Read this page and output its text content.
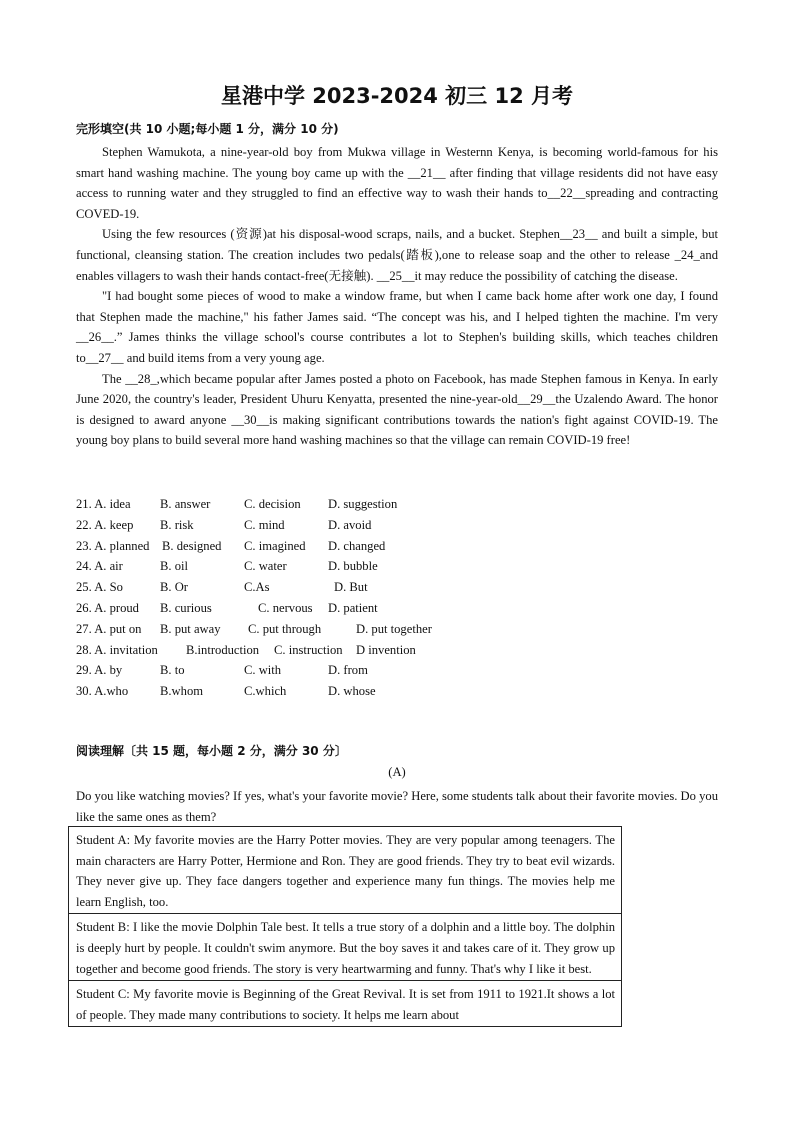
星港中学 2023-2024 初三 12 月考
完形填空(共 10 小题;每小题 1 分，满分 10 分)

Stephen Wamukota, a nine-year-old boy from Mukwa village in Westernn Kenya, is becoming world-famous for his smart hand washing machine. The young boy came up with the __21__ after finding that village residents did not have easy access to running water and they struggled to find an effective way to wash their hands to__22__spreading and contracting COVED-19.

Using the few resources (资源)at his disposal-wood scraps, nails, and a bucket. Stephen__23__ and built a simple, but functional, cleansing station. The creation includes two pedals(踏板),one to release soap and the other to release _24_and enables villagers to wash their hands contact-free(无接触). __25__it may reduce the possibility of catching the disease.

"I had bought some pieces of wood to make a window frame, but when I came back home after work one day, I found that Stephen made the machine," his father James said. “The concept was his, and I helped tighten the machine. I'm very __26__.” James thinks the village school's course contributes a lot to Stephen's building skills, which teaches children to__27__ and build items from a very young age.

The __28_,which became popular after James posted a photo on Facebook, has made Stephen famous in Kenya. In early June 2020, the country's leader, President Uhuru Kenyatta, presented the nine-year-old__29__the Uzalendo Award. The honor is designed to award anyone __30__is making significant contributions towards the nation's fight against COVID-19. The young boy plans to build several more hand washing machines so that the village can remain COVID-19 free!

21. A. idea B. answer	C. decision D. suggestion
22. A. keep B. risk	C. mind	D. avoid
23. A. planned B. designed C. imagined D. changed
24. A. air	B. oil	C. water	D. bubble
25. A. So	B. Or	C.As	D. But
26. A. proud B. curious	C. nervous D. patient
27. A. put on B. put away C. put through	D. put together
28. A. invitation B.introduction C. instruction D invention
29. A. by	B. to	C. with	D. from
30. A.who	B.whom	C.which	D. whose
阅读理解〔共 15 题，每小题 2 分，满分 30 分〕
(A)
Do you like watching movies? If yes, what's your favorite movie? Here, some students talk about their favorite movies. Do you like the same ones as them?
Student A: My favorite movies are the Harry Potter movies. They are very popular among teenagers. The main characters are Harry Potter, Hermione and Ron. They are good friends. They try to beat evil wizards. They never give up. They face dangers together and experience many fun things. The movies help me learn English, too.
Student B: I like the movie Dolphin Tale best. It tells a true story of a dolphin and a little boy. The dolphin is deeply hurt by people. It couldn't swim anymore. But the boy saves it and takes care of it. They grow up together and become good friends. The story is very heartwarming and funny. That's why I like it best.
Student C: My favorite movie is Beginning of the Great Revival. It is set from 1911 to 1921.It shows a lot of people. They made many contributions to society. It helps me learn about
